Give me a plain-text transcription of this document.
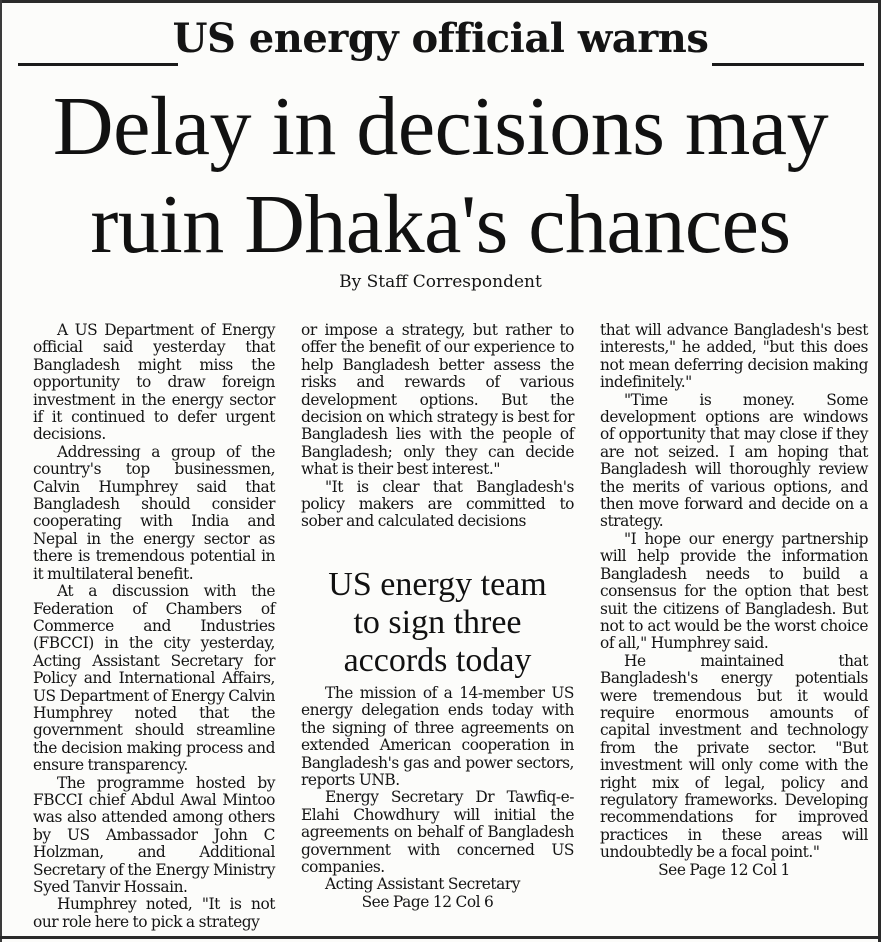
US energy official warns
Delay in decisions may
ruin Dhaka's chances
By Staff Correspondent

A US Department of Energy official said yesterday that Bangladesh might miss the opportunity to draw foreign investment in the energy sector if it continued to defer urgent decisions.

Addressing a group of the country's top businessmen, Calvin Humphrey said that Bangladesh should consider cooperating with India and Nepal in the energy sector as there is tremendous potential in it multilateral benefit.

At a discussion with the Federation of Chambers of Commerce and Industries (FBCCI) in the city yesterday, Acting Assistant Secretary for Policy and International Affairs, US Department of Energy Calvin Humphrey noted that the government should streamline the decision making process and ensure transparency.

The programme hosted by FBCCI chief Abdul Awal Mintoo was also attended among others by US Ambassador John C Holzman, and Additional Secretary of the Energy Ministry Syed Tanvir Hossain.

Humphrey noted, "It is not our role here to pick a strategy

or impose a strategy, but rather to offer the benefit of our experience to help Bangladesh better assess the risks and rewards of various development options. But the decision on which strategy is best for Bangladesh lies with the people of Bangladesh; only they can decide what is their best interest."

"It is clear that Bangladesh's policy makers are committed to sober and calculated decisions

US energy team
to sign three
accords today

The mission of a 14-member US energy delegation ends today with the signing of three agreements on extended American cooperation in Bangladesh's gas and power sectors, reports UNB.

Energy Secretary Dr Tawfiq-e-Elahi Chowdhury will initial the agreements on behalf of Bangladesh government with concerned US companies.

Acting Assistant Secretary

See Page 12 Col 6

that will advance Bangladesh's best interests," he added, "but this does not mean deferring decision making indefinitely."

"Time is money. Some development options are windows of opportunity that may close if they are not seized. I am hoping that Bangladesh will thoroughly review the merits of various options, and then move forward and decide on a strategy.

"I hope our energy partnership will help provide the information Bangladesh needs to build a consensus for the option that best suit the citizens of Bangladesh. But not to act would be the worst choice of all," Humphrey said.

He maintained that Bangladesh's energy potentials were tremendous but it would require enormous amounts of capital investment and technology from the private sector. "But investment will only come with the right mix of legal, policy and regulatory frameworks. Developing recommendations for improved practices in these areas will undoubtedly be a focal point."

See Page 12 Col 1
